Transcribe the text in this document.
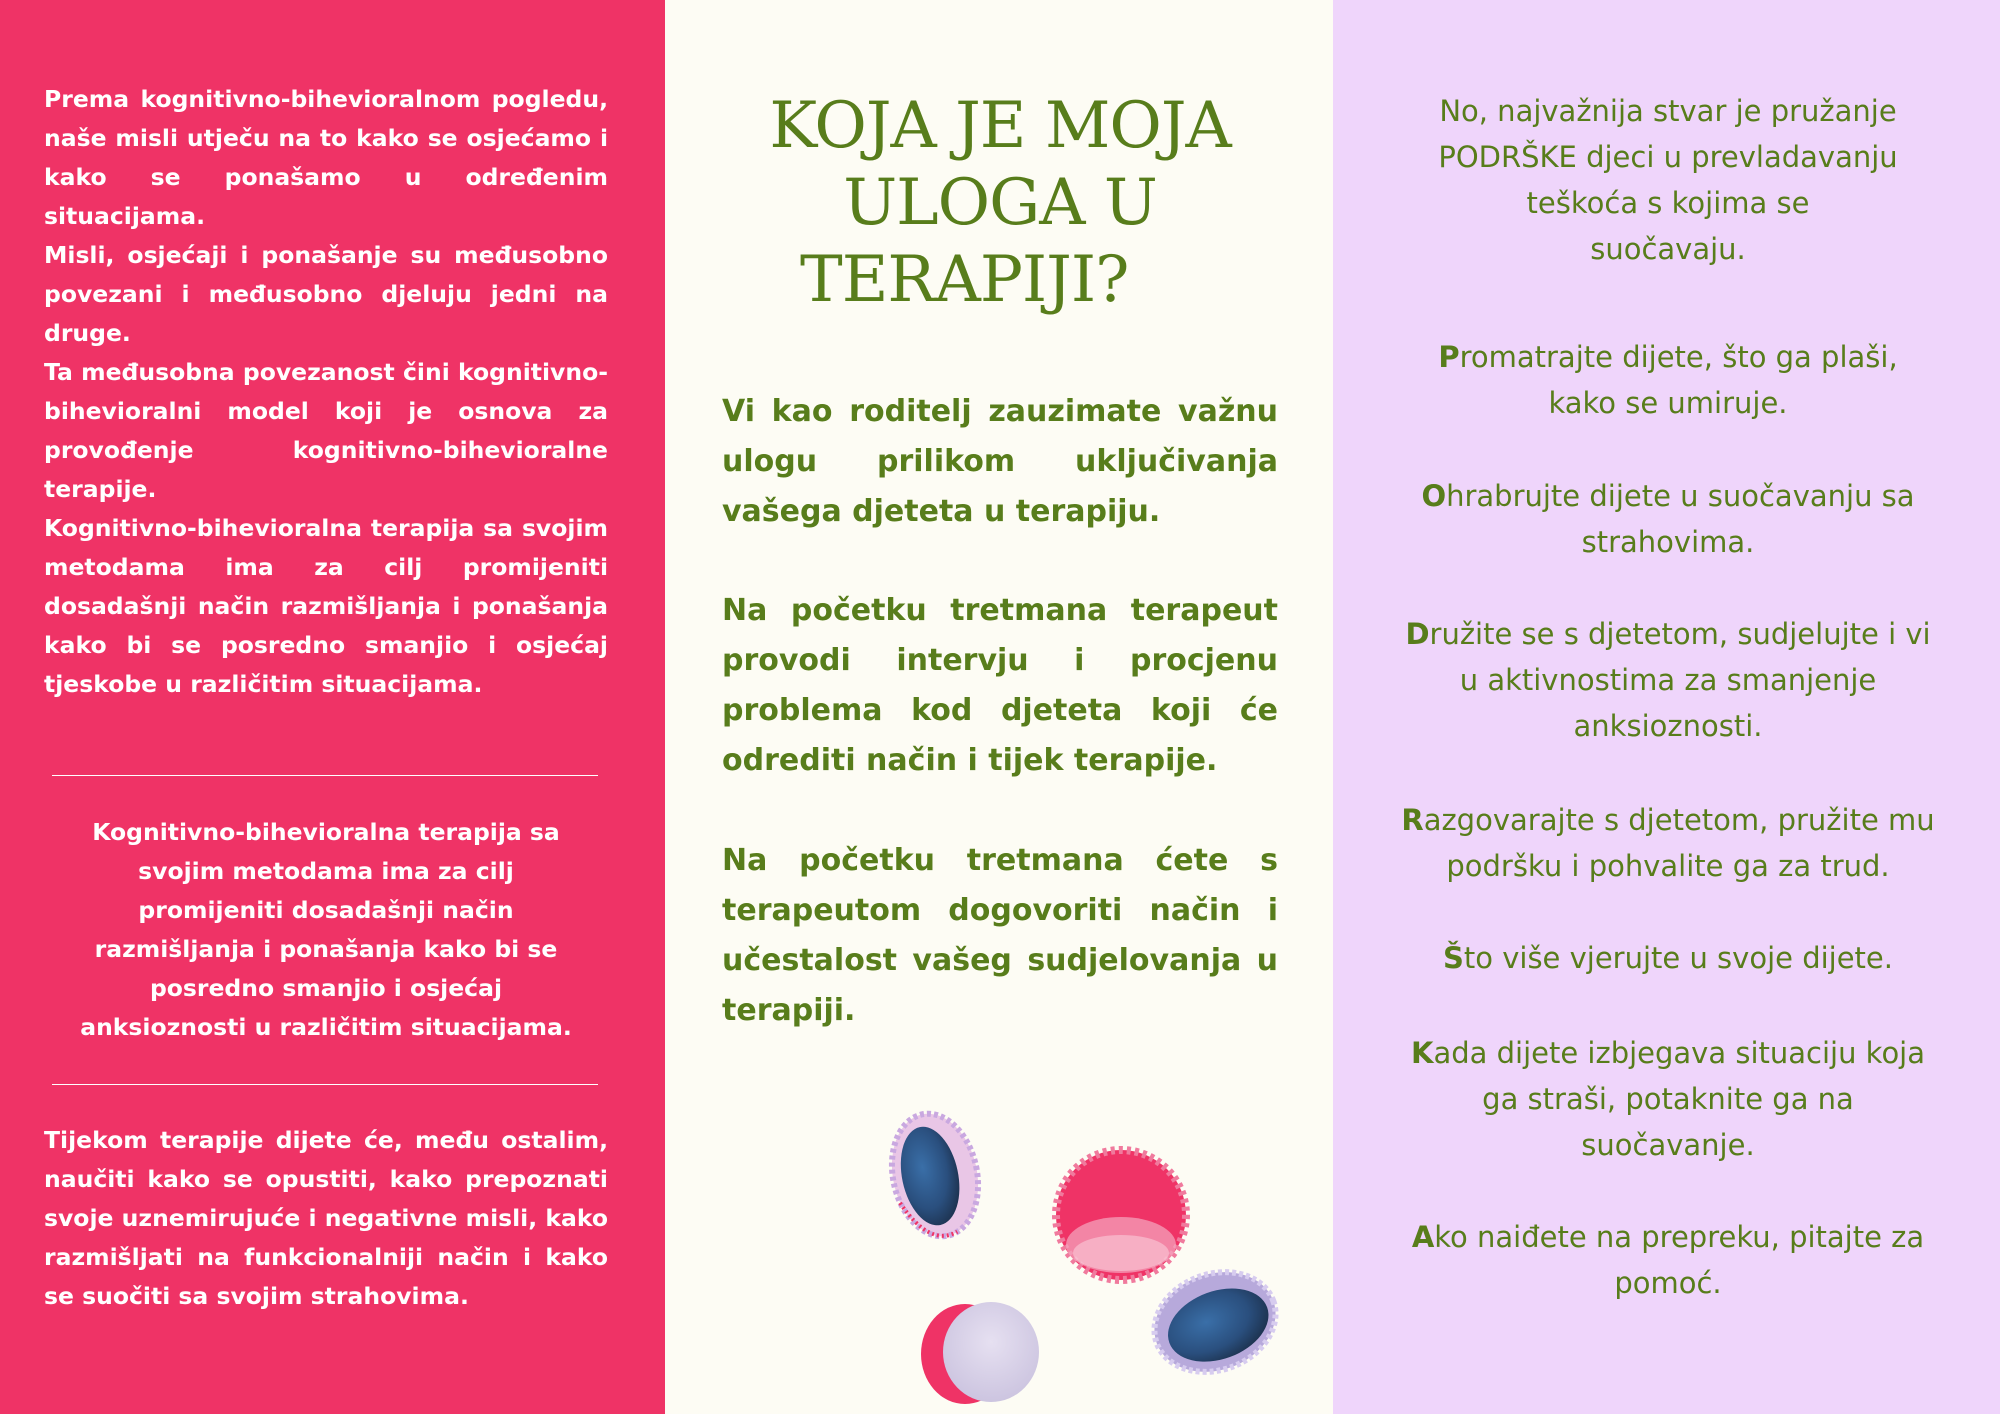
Prema kognitivno-bihevioralnom pogledu, naše misli utječu na to kako se osjećamo i kako se ponašamo u određenim situacijama.

Misli, osjećaji i ponašanje su međusobno povezani i međusobno djeluju jedni na druge.

Ta međusobna povezanost čini kognitivno-bihevioralni model koji je osnova za provođenje kognitivno-bihevioralne terapije.

Kognitivno-bihevioralna terapija sa svojim metodama ima za cilj promijeniti dosadašnji način razmišljanja i ponašanja kako bi se posredno smanjio i osjećaj tjeskobe u različitim situacijama.

Kognitivno-bihevioralna terapija sa
svojim metodama ima za cilj
promijeniti dosadašnji način
razmišljanja i ponašanja kako bi se
posredno smanjio i osjećaj
anksioznosti u različitim situacijama.

Tijekom terapije dijete će, među ostalim, naučiti kako se opustiti, kako prepoznati svoje uznemirujuće i negativne misli, kako razmišljati na funkcionalniji način i kako se suočiti sa svojim strahovima.

KOJA JE MOJA
ULOGA U
TERAPIJI?

Vi kao roditelj zauzimate važnu ulogu prilikom uključivanja vašega djeteta u terapiju.

Na početku tretmana terapeut provodi intervju i procjenu problema kod djeteta koji će odrediti način i tijek terapije.

Na početku tretmana ćete s terapeutom dogovoriti način i učestalost vašeg sudjelovanja u terapiji.

No, najvažnija stvar je pružanje
PODRŠKE djeci u prevladavanju
teškoća s kojima se
suočavaju.
Promatrajte dijete, što ga plaši,
kako se umiruje.
Ohrabrujte dijete u suočavanju sa
strahovima.
Družite se s djetetom, sudjelujte i vi
u aktivnostima za smanjenje
anksioznosti.
Razgovarajte s djetetom, pružite mu
podršku i pohvalite ga za trud.
Što više vjerujte u svoje dijete.
Kada dijete izbjegava situaciju koja
ga straši, potaknite ga na
suočavanje.
Ako naiđete na prepreku, pitajte za
pomoć.
